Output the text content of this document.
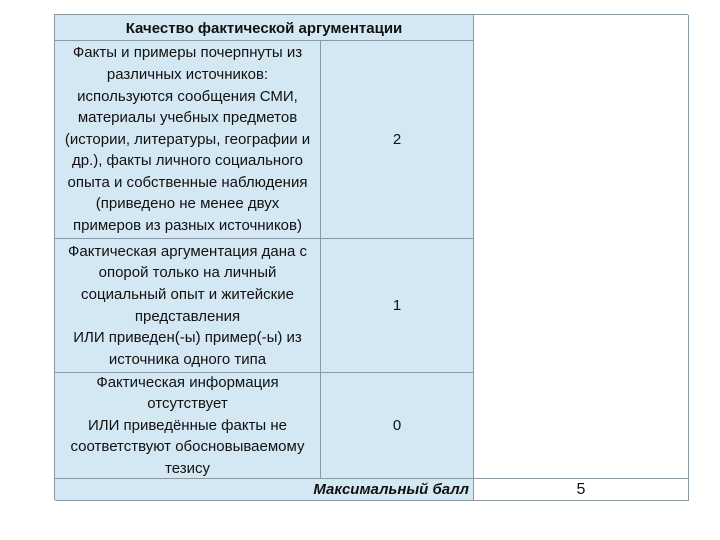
Качество фактической аргументации
Факты и примеры почерпнуты из
различных источников:
используются сообщения СМИ,
материалы учебных предметов
(истории, литературы, географии и
др.), факты личного социального
опыта и собственные наблюдения
(приведено не менее двух
примеров из разных источников)
2
Фактическая аргументация дана с
опорой только на личный
социальный опыт и житейские
представления
ИЛИ приведен(-ы) пример(-ы) из
источника одного типа
1
Фактическая информация
отсутствует
ИЛИ приведённые факты не
соответствуют обосновываемому
тезису
0
Максимальный балл	5
